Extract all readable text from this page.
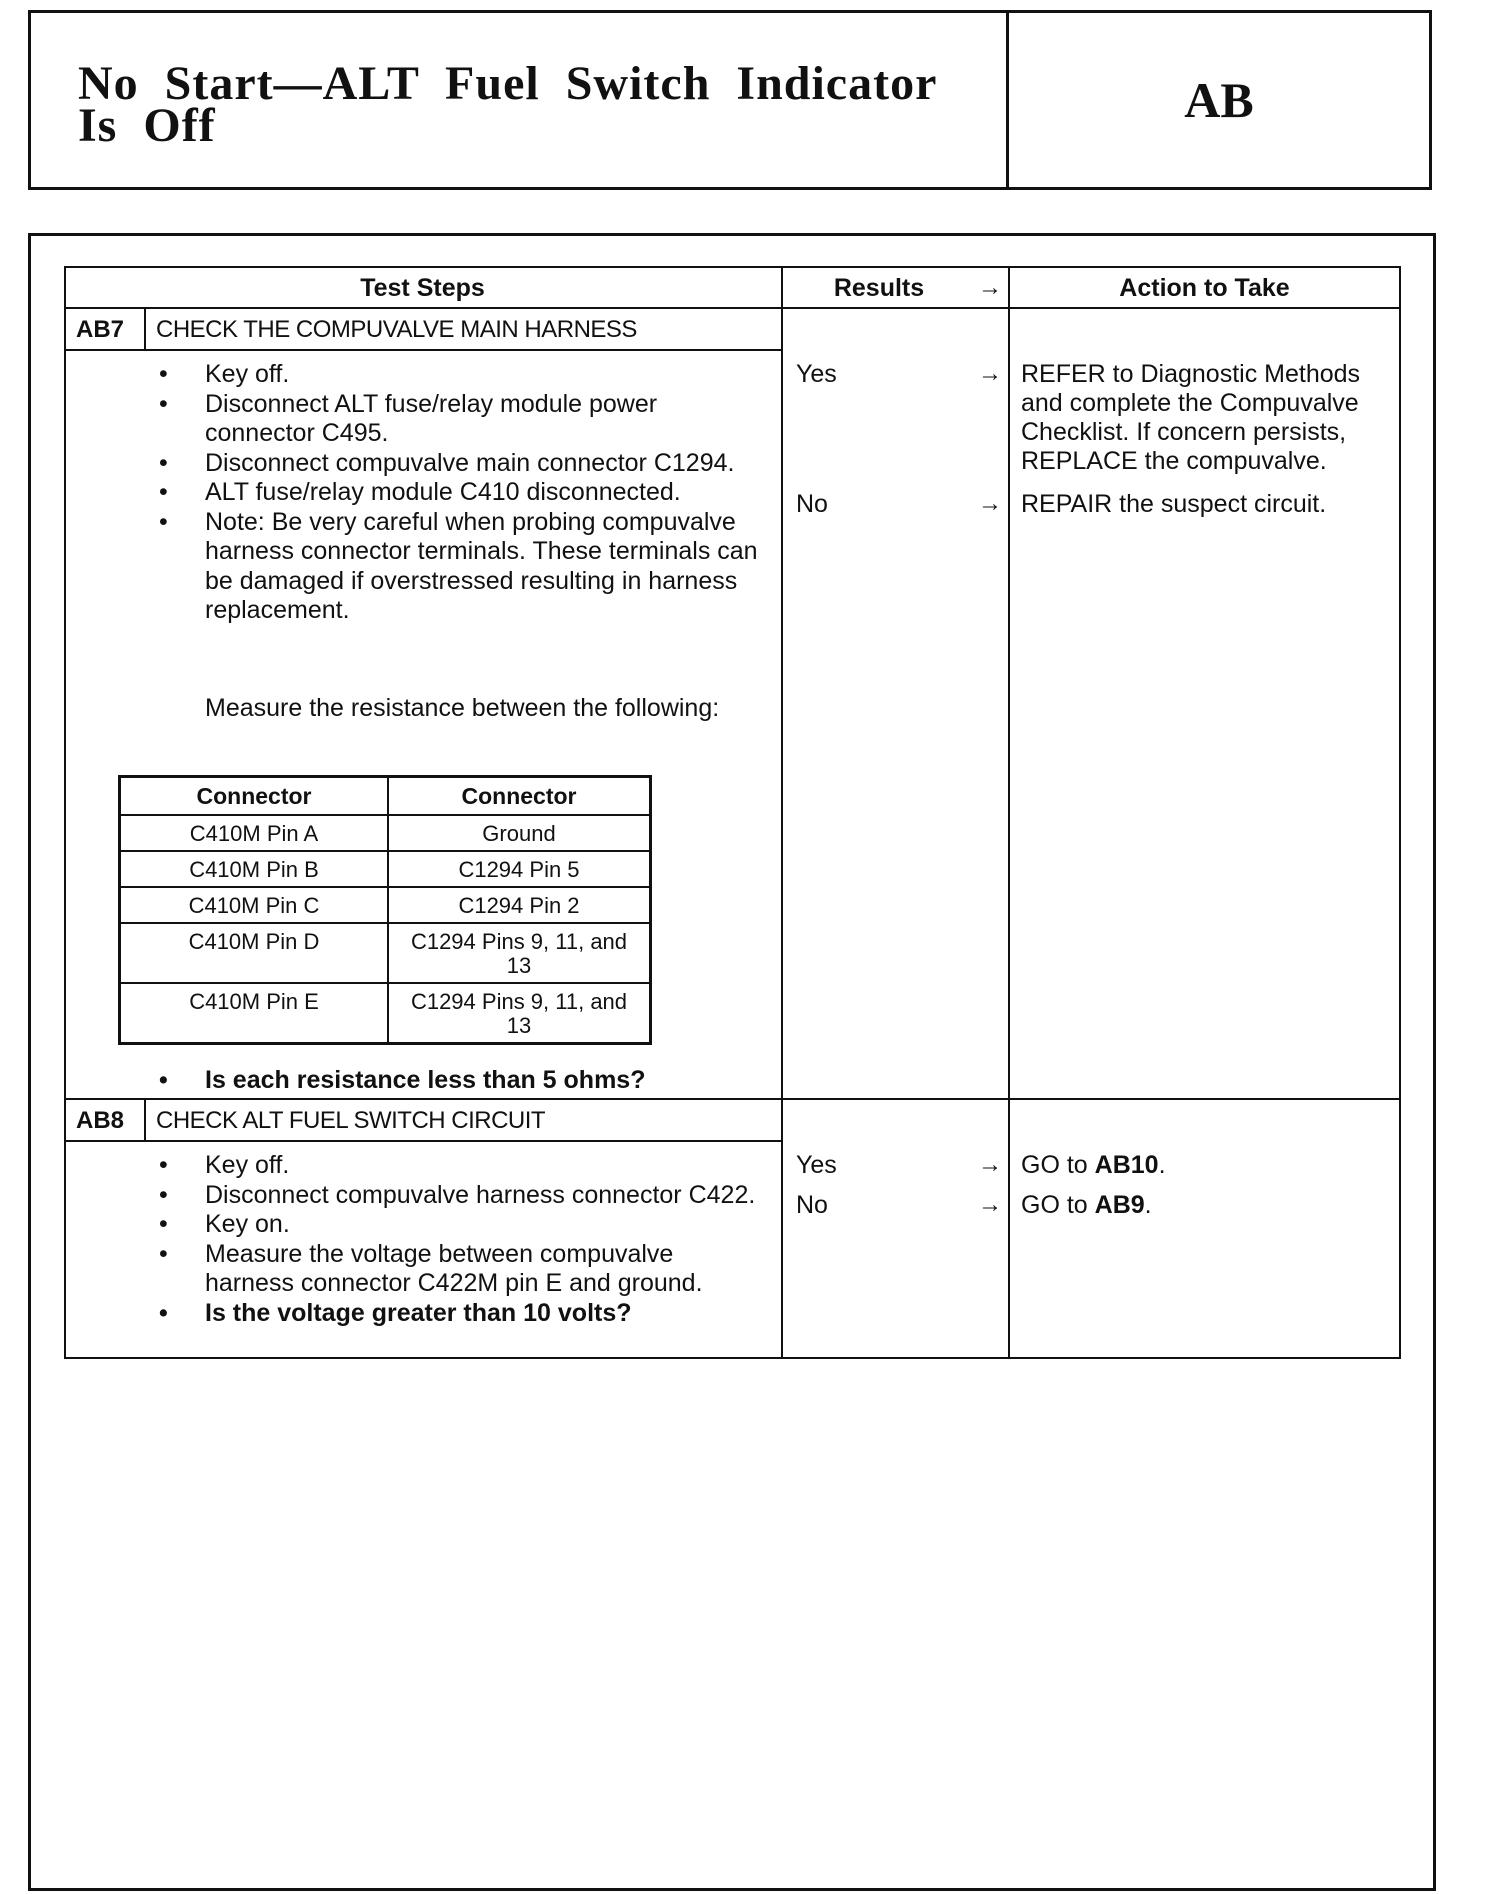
No  Start—ALT  Fuel  Switch  Indicator
Is  Off	AB
Test Steps	Results	→	Action to Take
AB7 CHECK THE COMPUVALVE MAIN HARNESS
• Key off.
• Disconnect ALT fuse/relay module power connector C495.
• Disconnect compuvalve main connector C1294.
• ALT fuse/relay module C410 disconnected.
• Note: Be very careful when probing compuvalve harness connector terminals. These terminals can be damaged if overstressed resulting in harness replacement.
Measure the resistance between the following:
Connector	Connector
C410M Pin A	Ground
C410M Pin B	C1294 Pin 5
C410M Pin C	C1294 Pin 2
C410M Pin D	C1294 Pins 9, 11, and 13
C410M Pin E	C1294 Pins 9, 11, and 13
• Is each resistance less than 5 ohms?
Yes	→ REFER to Diagnostic Methods and complete the Compuvalve Checklist. If concern persists, REPLACE the compuvalve.
No	→ REPAIR the suspect circuit.
AB8 CHECK ALT FUEL SWITCH CIRCUIT
• Key off.
• Disconnect compuvalve harness connector C422.
• Key on.
• Measure the voltage between compuvalve harness connector C422M pin E and ground.
• Is the voltage greater than 10 volts?
Yes	→ GO to AB10.
No	→ GO to AB9.
